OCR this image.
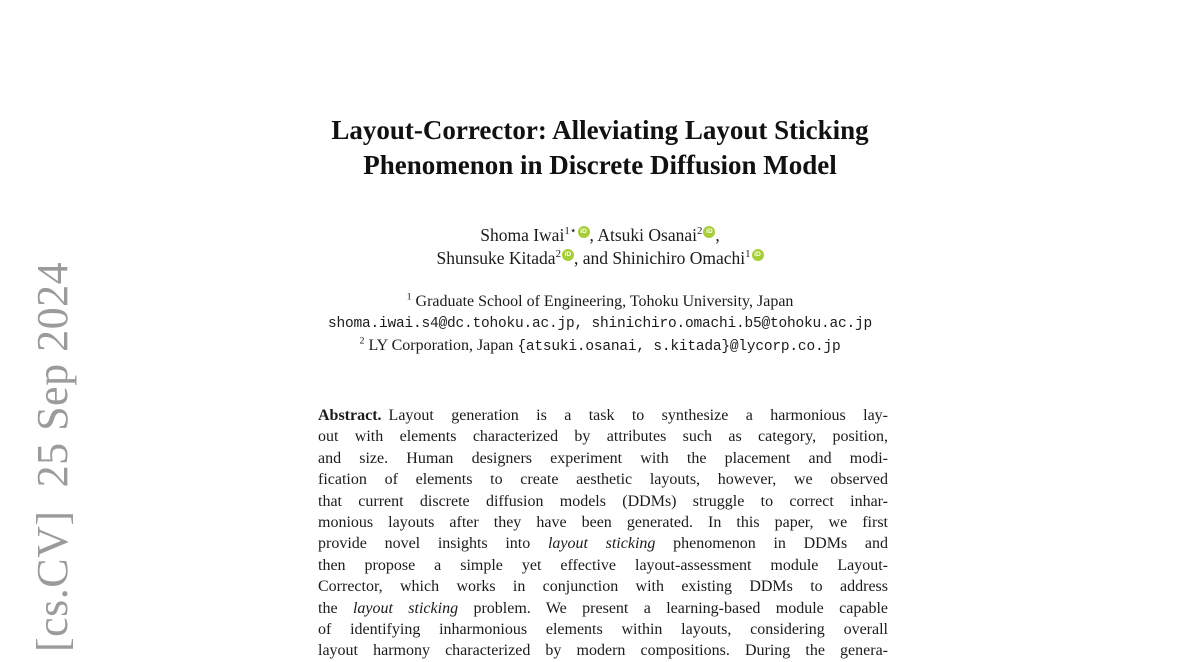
[cs.CV]  25 Sep 2024
Layout-Corrector: Alleviating Layout Sticking
Phenomenon in Discrete Diffusion Model
Shoma Iwai$^{1⋆}$ iD , Atsuki Osanai$^2$ iD ,
Shunsuke Kitada$^2$ iD , and Shinichiro Omachi$^1$ iD
$^1$ Graduate School of Engineering, Tohoku University, Japan
shoma.iwai.s4@dc.tohoku.ac.jp, shinichiro.omachi.b5@tohoku.ac.jp
$^2$ LY Corporation, Japan {atsuki.osanai, s.kitada}@lycorp.co.jp
Abstract. Layout generation is a task to synthesize a harmonious lay-
out with elements characterized by attributes such as category, position,
and size. Human designers experiment with the placement and modi-
fication of elements to create aesthetic layouts, however, we observed
that current discrete diffusion models (DDMs) struggle to correct inhar-
monious layouts after they have been generated. In this paper, we first
provide novel insights into layout sticking phenomenon in DDMs and
then propose a simple yet effective layout-assessment module Layout-
Corrector, which works in conjunction with existing DDMs to address
the layout sticking problem. We present a learning-based module capable
of identifying inharmonious elements within layouts, considering overall
layout harmony characterized by modern compositions. During the genera-
